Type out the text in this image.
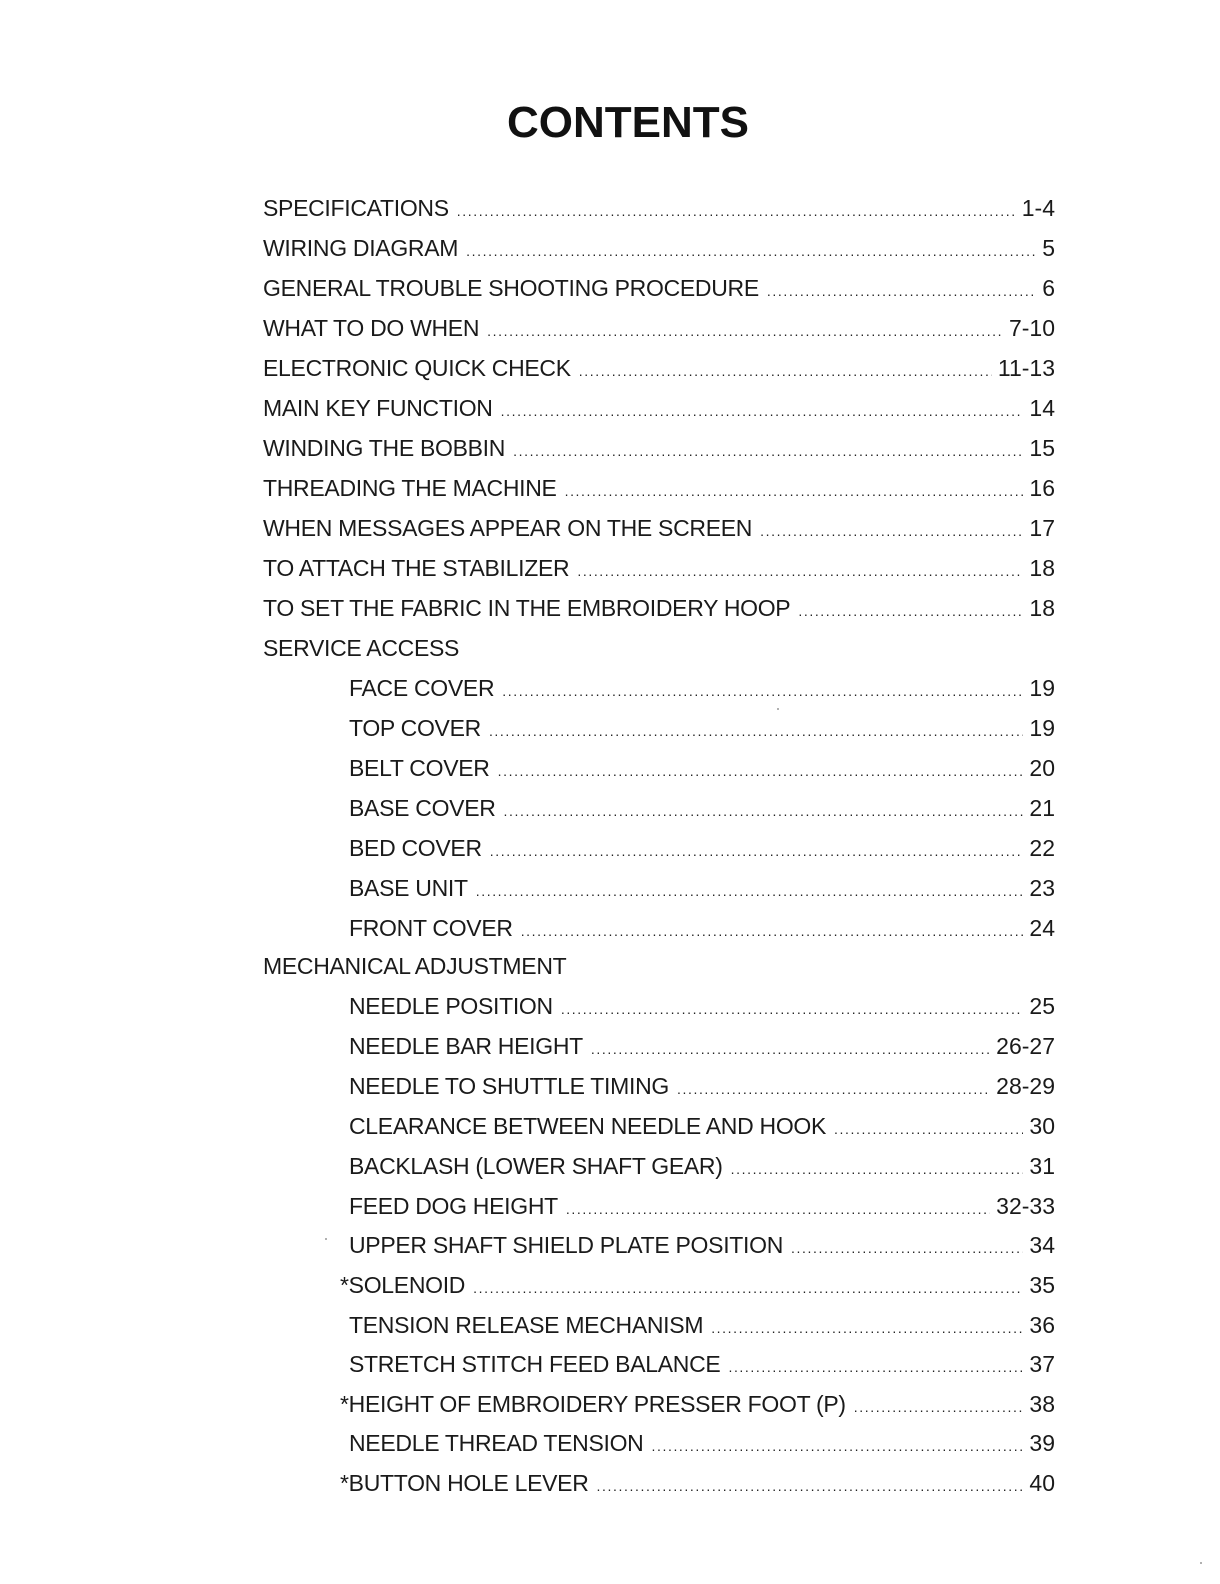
CONTENTS
SPECIFICATIONS .....	1-4
WIRING DIAGRAM .....	5
GENERAL TROUBLE SHOOTING PROCEDURE .....	6
WHAT TO DO WHEN .....	7-10
ELECTRONIC QUICK CHECK .....	11-13
MAIN KEY FUNCTION .....	14
WINDING THE BOBBIN .....	15
THREADING THE MACHINE .....	16
WHEN MESSAGES APPEAR ON THE SCREEN .....	17
TO ATTACH THE STABILIZER .....	18
TO SET THE FABRIC IN THE EMBROIDERY HOOP .....	18
SERVICE ACCESS
FACE COVER .....	19
TOP COVER .....	19
BELT COVER .....	20
BASE COVER .....	21
BED COVER .....	22
BASE UNIT .....	23
FRONT COVER .....	24
MECHANICAL ADJUSTMENT
NEEDLE POSITION .....	25
NEEDLE BAR HEIGHT .....	26-27
NEEDLE TO SHUTTLE TIMING .....	28-29
CLEARANCE BETWEEN NEEDLE AND HOOK .....	30
BACKLASH (LOWER SHAFT GEAR) .....	31
FEED DOG HEIGHT .....	32-33
UPPER SHAFT SHIELD PLATE POSITION .....	34
*SOLENOID .....	35
TENSION RELEASE MECHANISM .....	36
STRETCH STITCH FEED BALANCE .....	37
*HEIGHT OF EMBROIDERY PRESSER FOOT (P) .....	38
NEEDLE THREAD TENSION .....	39
*BUTTON HOLE LEVER .....	40
